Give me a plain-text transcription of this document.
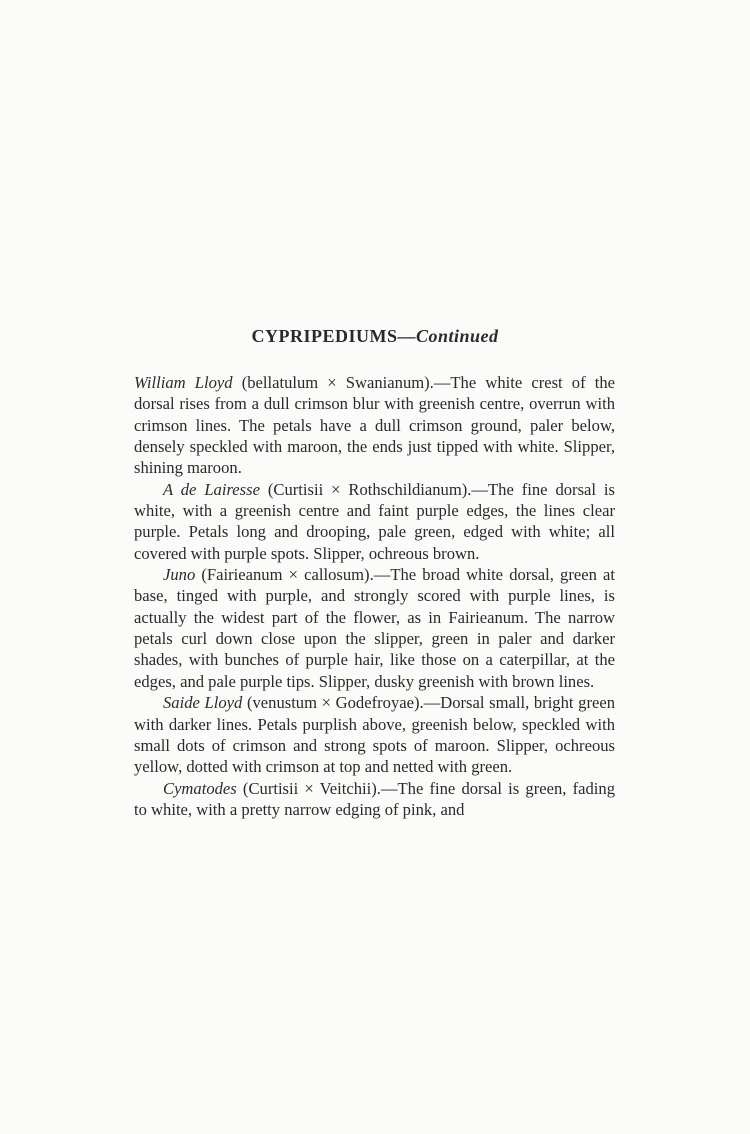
CYPRIPEDIUMS—Continued

William Lloyd (bellatulum × Swanianum).—The white crest of the dorsal rises from a dull crimson blur with greenish centre, overrun with crimson lines. The petals have a dull crimson ground, paler below, densely speckled with maroon, the ends just tipped with white. Slipper, shining maroon.

A de Lairesse (Curtisii × Rothschildianum).—The fine dorsal is white, with a greenish centre and faint purple edges, the lines clear purple. Petals long and drooping, pale green, edged with white; all covered with purple spots. Slipper, ochreous brown.

Juno (Fairieanum × callosum).—The broad white dorsal, green at base, tinged with purple, and strongly scored with purple lines, is actually the widest part of the flower, as in Fairieanum. The narrow petals curl down close upon the slipper, green in paler and darker shades, with bunches of purple hair, like those on a caterpillar, at the edges, and pale purple tips. Slipper, dusky greenish with brown lines.

Saide Lloyd (venustum × Godefroyae).—Dorsal small, bright green with darker lines. Petals purplish above, greenish below, speckled with small dots of crimson and strong spots of maroon. Slipper, ochreous yellow, dotted with crimson at top and netted with green.

Cymatodes (Curtisii × Veitchii).—The fine dorsal is green, fading to white, with a pretty narrow edging of pink, and
